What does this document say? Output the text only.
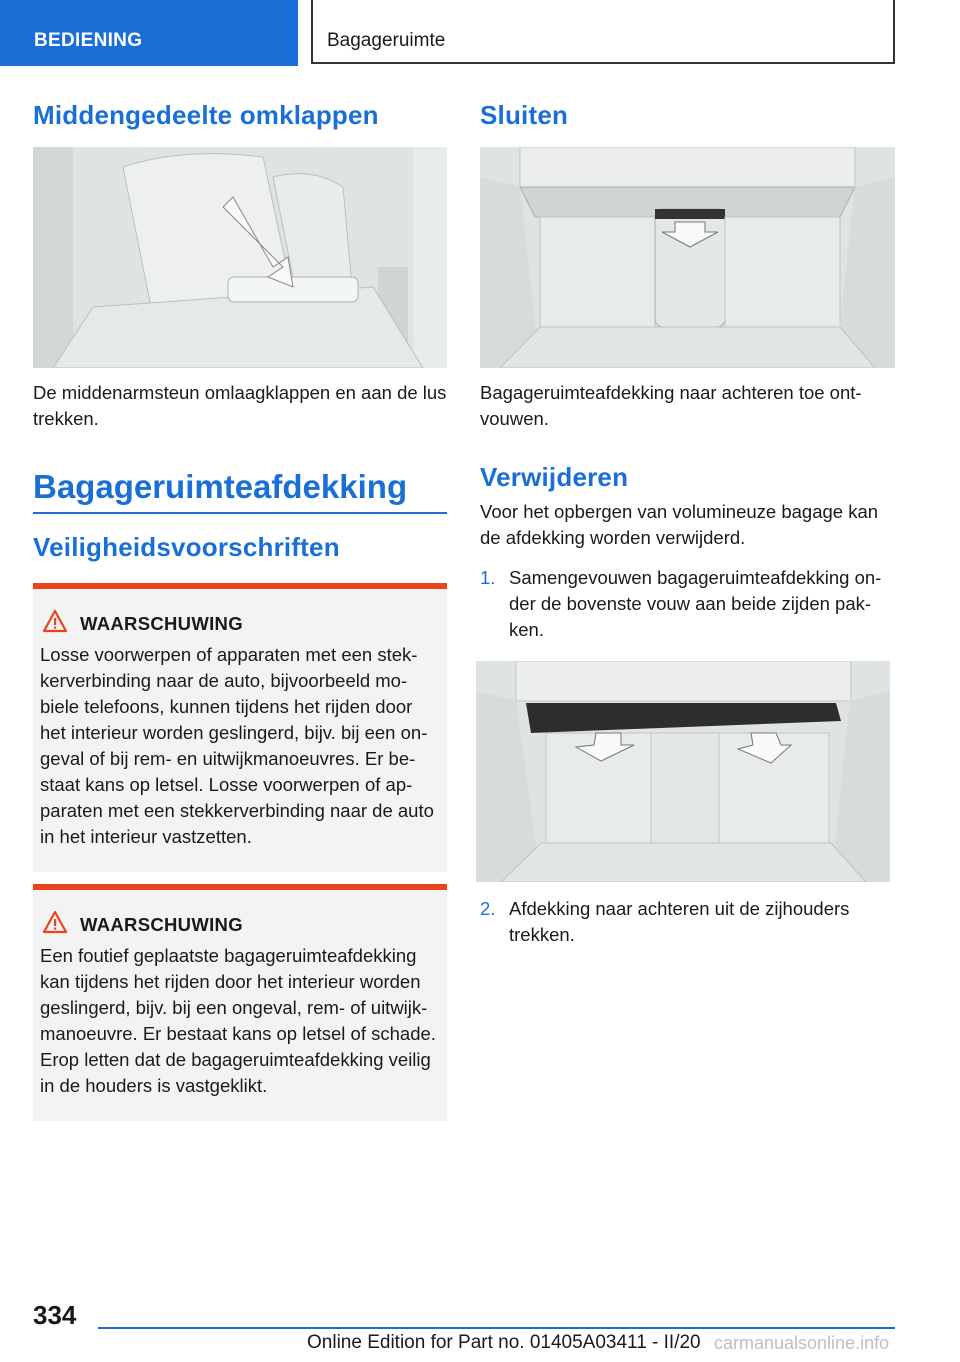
BEDIENING	Bagageruimte
Middengedeelte omklappen

De middenarmsteun omlaagklappen en aan de lus trekken.

Bagageruimteafdekking
Veiligheidsvoorschriften
WAARSCHUWING

Losse voorwerpen of apparaten met een stekkerverbinding naar de auto, bijvoorbeeld mobiele telefoons, kunnen tijdens het rijden door het interieur worden geslingerd, bijv. bij een ongeval of bij rem- en uitwijkmanoeuvres. Er bestaat kans op letsel. Losse voorwerpen of apparaten met een stekkerverbinding naar de auto in het interieur vastzetten.

WAARSCHUWING

Een foutief geplaatste bagageruimteafdekking kan tijdens het rijden door het interieur worden geslingerd, bijv. bij een ongeval, rem- of uitwijkmanoeuvre. Er bestaat kans op letsel of schade. Erop letten dat de bagageruimteafdekking veilig in de houders is vastgeklikt.

Sluiten

Bagageruimteafdekking naar achteren toe ontvouwen.

Verwijderen

Voor het opbergen van volumineuze bagage kan de afdekking worden verwijderd.

1. Samengevouwen bagageruimteafdekking onder de bovenste vouw aan beide zijden pakken.
2. Afdekking naar achteren uit de zijhouders trekken.
334
Online Edition for Part no. 01405A03411 - II/20 carmanualsonline.info
